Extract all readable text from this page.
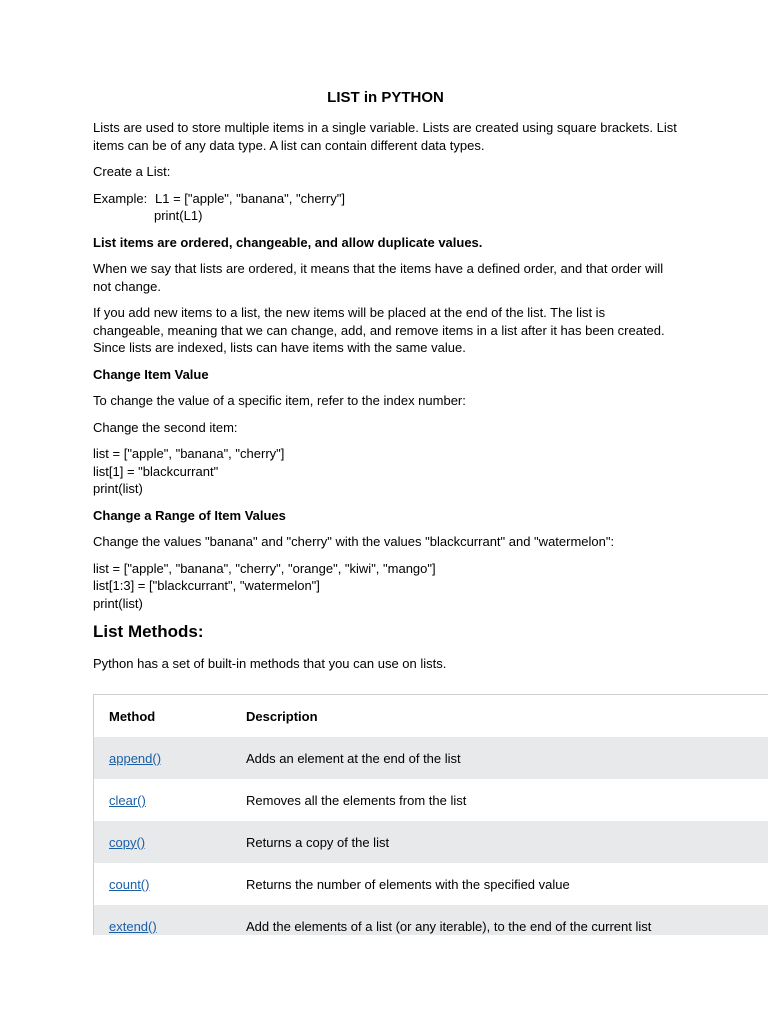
LIST in PYTHON

Lists are used to store multiple items in a single variable. Lists are created using square brackets. List items can be of any data type. A list can contain different data types.

Create a List:

Example: L1 = ["apple", "banana", "cherry"]
print(L1)

List items are ordered, changeable, and allow duplicate values.

When we say that lists are ordered, it means that the items have a defined order, and that order will not change.

If you add new items to a list, the new items will be placed at the end of the list. The list is changeable, meaning that we can change, add, and remove items in a list after it has been created. Since lists are indexed, lists can have items with the same value.

Change Item Value

To change the value of a specific item, refer to the index number:

Change the second item:

list = ["apple", "banana", "cherry"]
list[1] = "blackcurrant"
print(list)

Change a Range of Item Values

Change the values "banana" and "cherry" with the values "blackcurrant" and "watermelon":

list = ["apple", "banana", "cherry", "orange", "kiwi", "mango"]
list[1:3] = ["blackcurrant", "watermelon"]
print(list)
List Methods:

Python has a set of built-in methods that you can use on lists.

Method	Description
append()	Adds an element at the end of the list
clear()	Removes all the elements from the list
copy()	Returns a copy of the list
count()	Returns the number of elements with the specified value
extend()	Add the elements of a list (or any iterable), to the end of the current list
